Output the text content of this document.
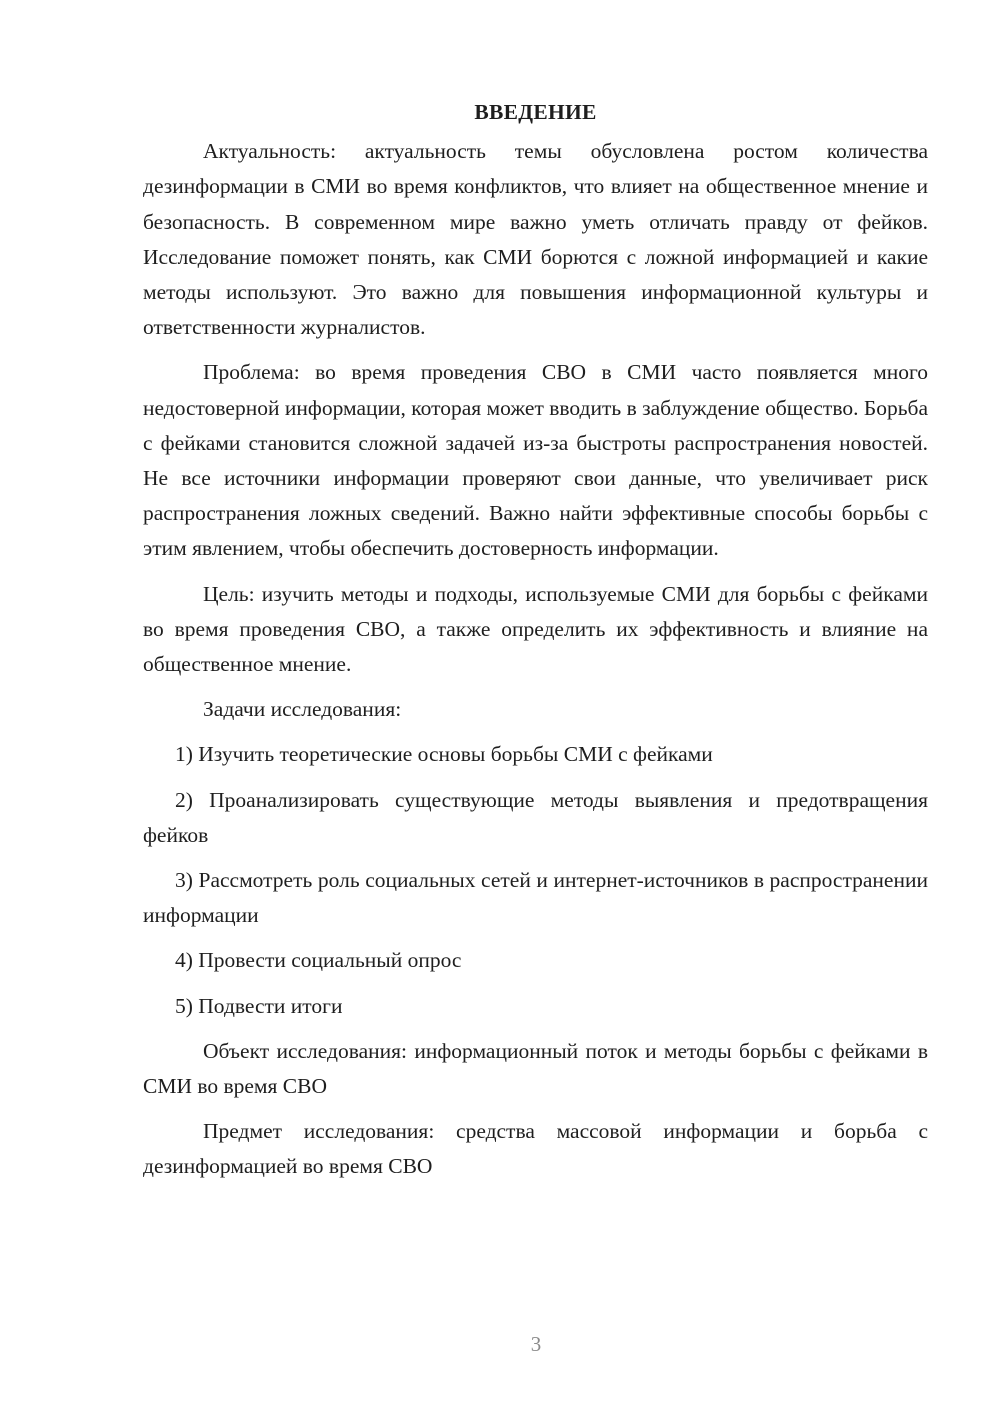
ВВЕДЕНИЕ

Актуальность: актуальность темы обусловлена ростом количества дезинформации в СМИ во время конфликтов, что влияет на общественное мнение и безопасность. В современном мире важно уметь отличать правду от фейков. Исследование поможет понять, как СМИ борются с ложной информацией и какие методы используют. Это важно для повышения информационной культуры и ответственности журналистов.

Проблема: во время проведения СВО в СМИ часто появляется много недостоверной информации, которая может вводить в заблуждение общество. Борьба с фейками становится сложной задачей из-за быстроты распространения новостей. Не все источники информации проверяют свои данные, что увеличивает риск распространения ложных сведений. Важно найти эффективные способы борьбы с этим явлением, чтобы обеспечить достоверность информации.

Цель: изучить методы и подходы, используемые СМИ для борьбы с фейками во время проведения СВО, а также определить их эффективность и влияние на общественное мнение.

Задачи исследования:

1) Изучить теоретические основы борьбы СМИ с фейками

2) Проанализировать существующие методы выявления и предотвращения фейков

3) Рассмотреть роль социальных сетей и интернет-источников в распространении информации

4) Провести социальный опрос

5) Подвести итоги

Объект исследования: информационный поток и методы борьбы с фейками в СМИ во время СВО

Предмет исследования: средства массовой информации и борьба с дезинформацией во время СВО

3
